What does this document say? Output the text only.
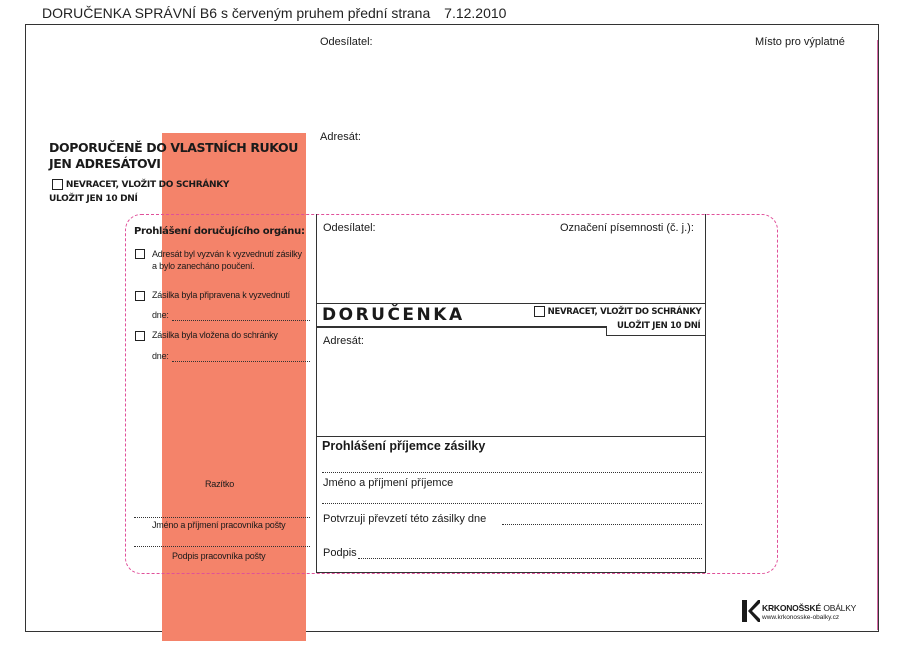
DORUČENKA SPRÁVNÍ B6 s červeným pruhem přední strana 7.12.2010
Odesílatel:	Místo pro výplatné
Adresát:
DOPORUČENĚ DO VLASTNÍCH RUKOU
JEN ADRESÁTOVI
NEVRACET, VLOŽIT DO SCHRÁNKY
ULOŽIT JEN 10 DNÍ
Prohlášení doručujícího orgánu:
Adresát byl vyzván k vyzvednutí zásilky
a bylo zanecháno poučení.
Zásilka byla připravena k vyzvednutí
dne:
Zásilka byla vložena do schránky
dne:
Razítko
Jméno a příjmení pracovníka pošty
Podpis pracovníka pošty
Odesílatel:	Označení písemnosti (č. j.):
DORUČENKA	NEVRACET, VLOŽIT DO SCHRÁNKY
ULOŽIT JEN 10 DNÍ
Adresát:
Prohlášení příjemce zásilky
Jméno a příjmení příjemce
Potvrzuji převzetí této zásilky dne
Podpis
KRKONOŠSKÉ OBÁLKY
www.krkonosske-obalky.cz
